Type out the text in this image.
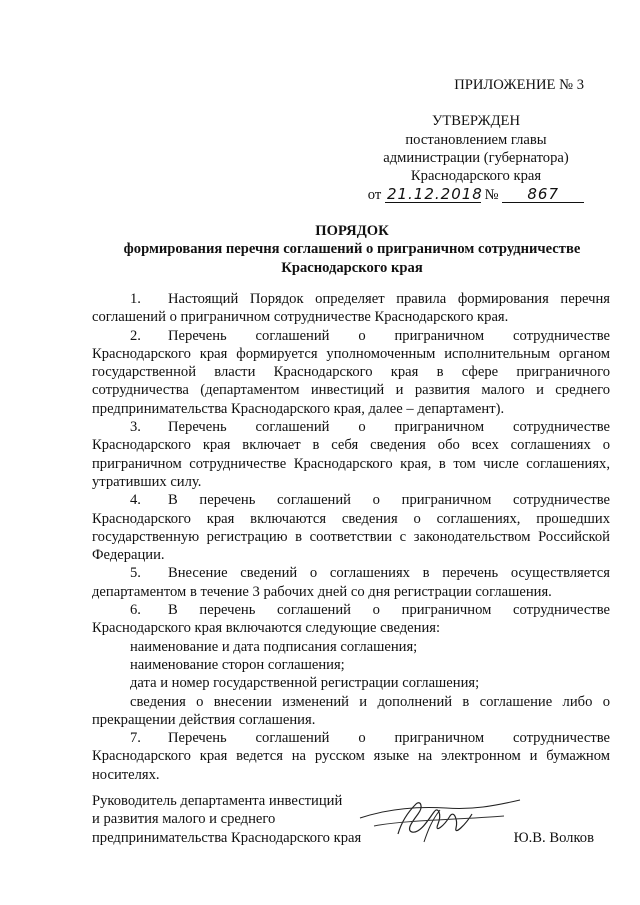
ПРИЛОЖЕНИЕ № 3
УТВЕРЖДЕН
постановлением главы
администрации (губернатора)
Краснодарского края
от 21.12.2018 № 867
ПОРЯДОК
формирования перечня соглашений о приграничном сотрудничестве Краснодарского края

1. Настоящий Порядок определяет правила формирования перечня соглашений о приграничном сотрудничестве Краснодарского края.

2. Перечень соглашений о приграничном сотрудничестве Краснодарского края формируется уполномоченным исполнительным органом государственной власти Краснодарского края в сфере приграничного сотрудничества (департаментом инвестиций и развития малого и среднего предпринимательства Краснодарского края, далее – департамент).

3. Перечень соглашений о приграничном сотрудничестве Краснодарского края включает в себя сведения обо всех соглашениях о приграничном сотрудничестве Краснодарского края, в том числе соглашениях, утративших силу.

4. В перечень соглашений о приграничном сотрудничестве Краснодарского края включаются сведения о соглашениях, прошедших государственную регистрацию в соответствии с законодательством Российской Федерации.

5. Внесение сведений о соглашениях в перечень осуществляется департаментом в течение 3 рабочих дней со дня регистрации соглашения.

6. В перечень соглашений о приграничном сотрудничестве Краснодарского края включаются следующие сведения:

наименование и дата подписания соглашения;

наименование сторон соглашения;

дата и номер государственной регистрации соглашения;

сведения о внесении изменений и дополнений в соглашение либо о прекращении действия соглашения.

7. Перечень соглашений о приграничном сотрудничестве Краснодарского края ведется на русском языке на электронном и бумажном носителях.

Руководитель департамента инвестиций
и развития малого и среднего
предпринимательства Краснодарского края	Ю.В. Волков
